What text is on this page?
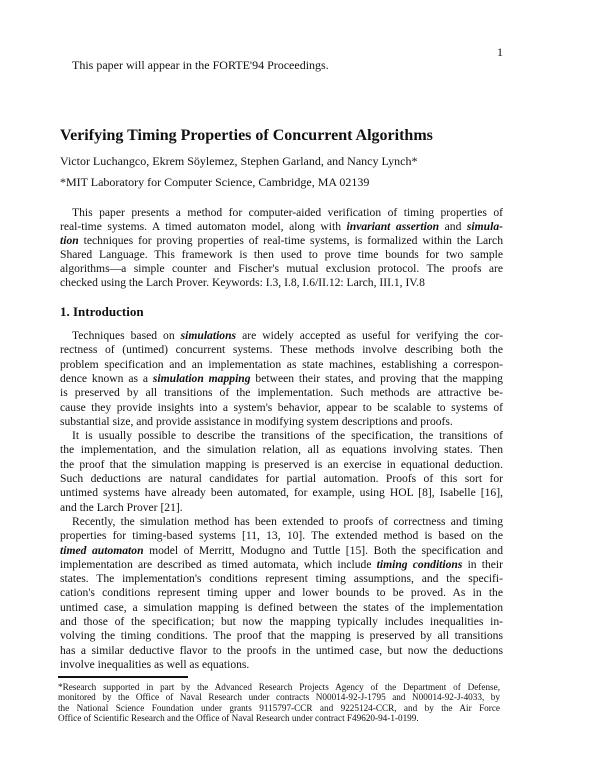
1
This paper will appear in the FORTE'94 Proceedings.
Verifying Timing Properties of Concurrent Algorithms
Victor Luchangco, Ekrem Söylemez, Stephen Garland, and Nancy Lynch*
*MIT Laboratory for Computer Science, Cambridge, MA 02139
This paper presents a method for computer-aided verification of timing properties of
real-time systems. A timed automaton model, along with invariant assertion and simula-
tion techniques for proving properties of real-time systems, is formalized within the Larch
Shared Language. This framework is then used to prove time bounds for two sample
algorithms—a simple counter and Fischer's mutual exclusion protocol. The proofs are
checked using the Larch Prover. Keywords: I.3, I.8, I.6/II.12: Larch, III.1, IV.8
1. Introduction
Techniques based on simulations are widely accepted as useful for verifying the cor-
rectness of (untimed) concurrent systems. These methods involve describing both the
problem specification and an implementation as state machines, establishing a correspon-
dence known as a simulation mapping between their states, and proving that the mapping
is preserved by all transitions of the implementation. Such methods are attractive be-
cause they provide insights into a system's behavior, appear to be scalable to systems of
substantial size, and provide assistance in modifying system descriptions and proofs.
It is usually possible to describe the transitions of the specification, the transitions of
the implementation, and the simulation relation, all as equations involving states. Then
the proof that the simulation mapping is preserved is an exercise in equational deduction.
Such deductions are natural candidates for partial automation. Proofs of this sort for
untimed systems have already been automated, for example, using HOL [8], Isabelle [16],
and the Larch Prover [21].
Recently, the simulation method has been extended to proofs of correctness and timing
properties for timing-based systems [11, 13, 10]. The extended method is based on the
timed automaton model of Merritt, Modugno and Tuttle [15]. Both the specification and
implementation are described as timed automata, which include timing conditions in their
states. The implementation's conditions represent timing assumptions, and the specifi-
cation's conditions represent timing upper and lower bounds to be proved. As in the
untimed case, a simulation mapping is defined between the states of the implementation
and those of the specification; but now the mapping typically includes inequalities in-
volving the timing conditions. The proof that the mapping is preserved by all transitions
has a similar deductive flavor to the proofs in the untimed case, but now the deductions
involve inequalities as well as equations.
*Research supported in part by the Advanced Research Projects Agency of the Department of Defense,
monitored by the Office of Naval Research under contracts N00014-92-J-1795 and N00014-92-J-4033, by
the National Science Foundation under grants 9115797-CCR and 9225124-CCR, and by the Air Force
Office of Scientific Research and the Office of Naval Research under contract F49620-94-1-0199.
